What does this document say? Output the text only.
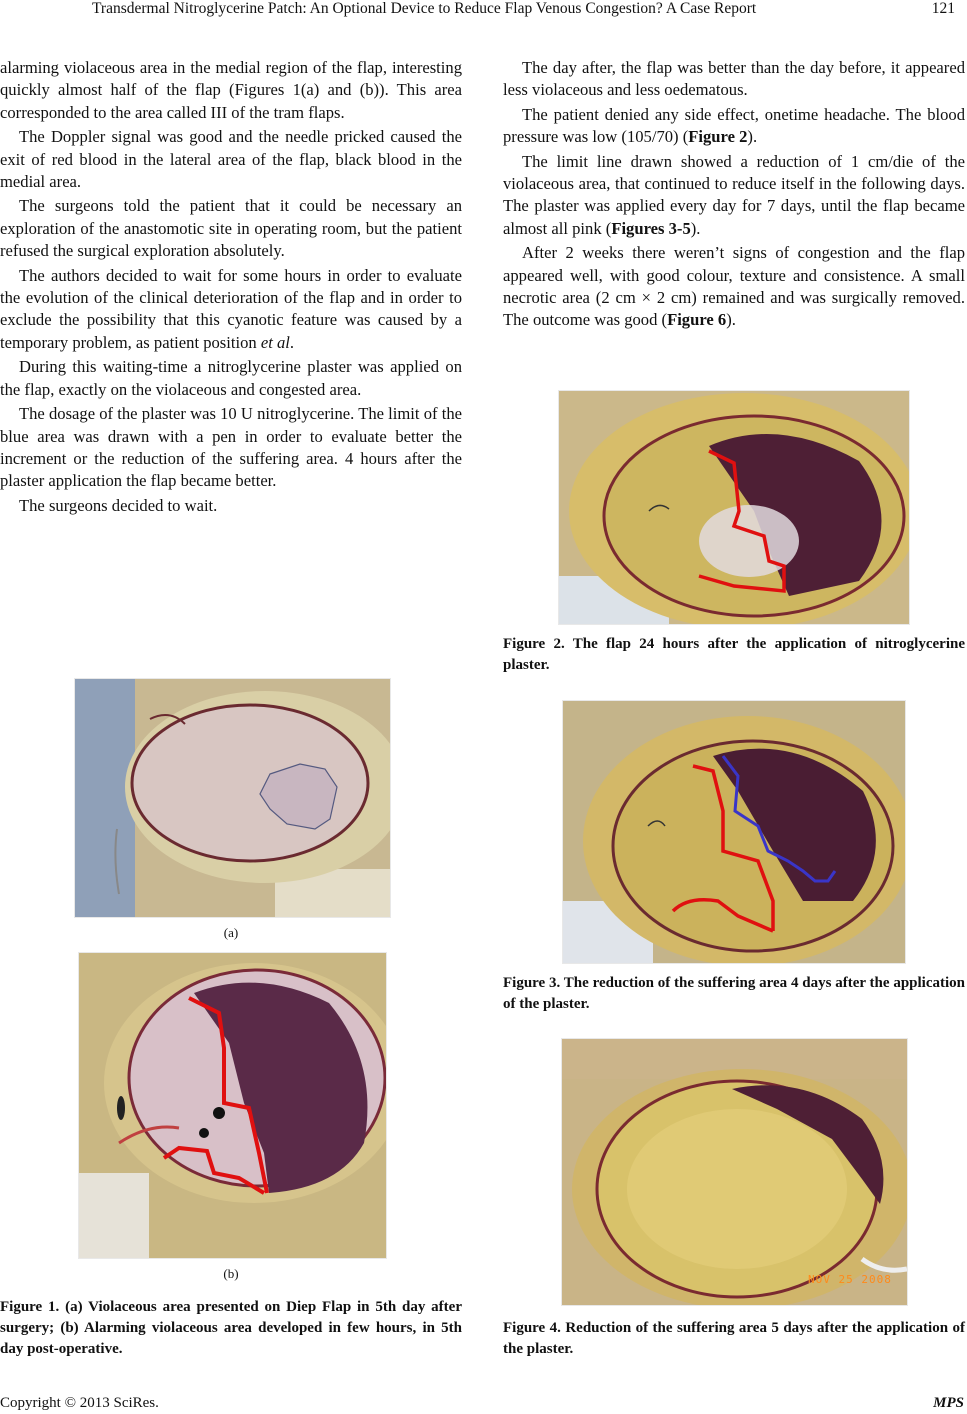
Transdermal Nitroglycerine Patch: An Optional Device to Reduce Flap Venous Congestion? A Case Report	121

alarming violaceous area in the medial region of the flap, interesting quickly almost half of the flap (Figures 1(a) and (b)). This area corresponded to the area called III of the tram flaps.

The Doppler signal was good and the needle pricked caused the exit of red blood in the lateral area of the flap, black blood in the medial area.

The surgeons told the patient that it could be necessary an exploration of the anastomotic site in operating room, but the patient refused the surgical exploration absolutely.

The authors decided to wait for some hours in order to evaluate the evolution of the clinical deterioration of the flap and in order to exclude the possibility that this cyanotic feature was caused by a temporary problem, as patient position et al.

During this waiting-time a nitroglycerine plaster was applied on the flap, exactly on the violaceous and congested area.

The dosage of the plaster was 10 U nitroglycerine. The limit of the blue area was drawn with a pen in order to evaluate better the increment or the reduction of the suffering area. 4 hours after the plaster application the flap became better.

The surgeons decided to wait.

The day after, the flap was better than the day before, it appeared less violaceous and less oedematous.

The patient denied any side effect, onetime headache. The blood pressure was low (105/70) (Figure 2).

The limit line drawn showed a reduction of 1 cm/die of the violaceous area, that continued to reduce itself in the following days. The plaster was applied every day for 7 days, until the flap became almost all pink (Figures 3-5).

After 2 weeks there weren’t signs of congestion and the flap appeared well, with good colour, texture and consistence. A small necrotic area (2 cm × 2 cm) remained and was surgically removed. The outcome was good (Figure 6).

(a)
(b)
Figure 1. (a) Violaceous area presented on Diep Flap in 5th day after surgery; (b) Alarming violaceous area developed in few hours, in 5th day post-operative.
Figure 2. The flap 24 hours after the application of nitroglycerine plaster.
Figure 3. The reduction of the suffering area 4 days after the application of the plaster.
NOV 25 2008
Figure 4. Reduction of the suffering area 5 days after the application of the plaster.
Copyright © 2013 SciRes.	MPS
